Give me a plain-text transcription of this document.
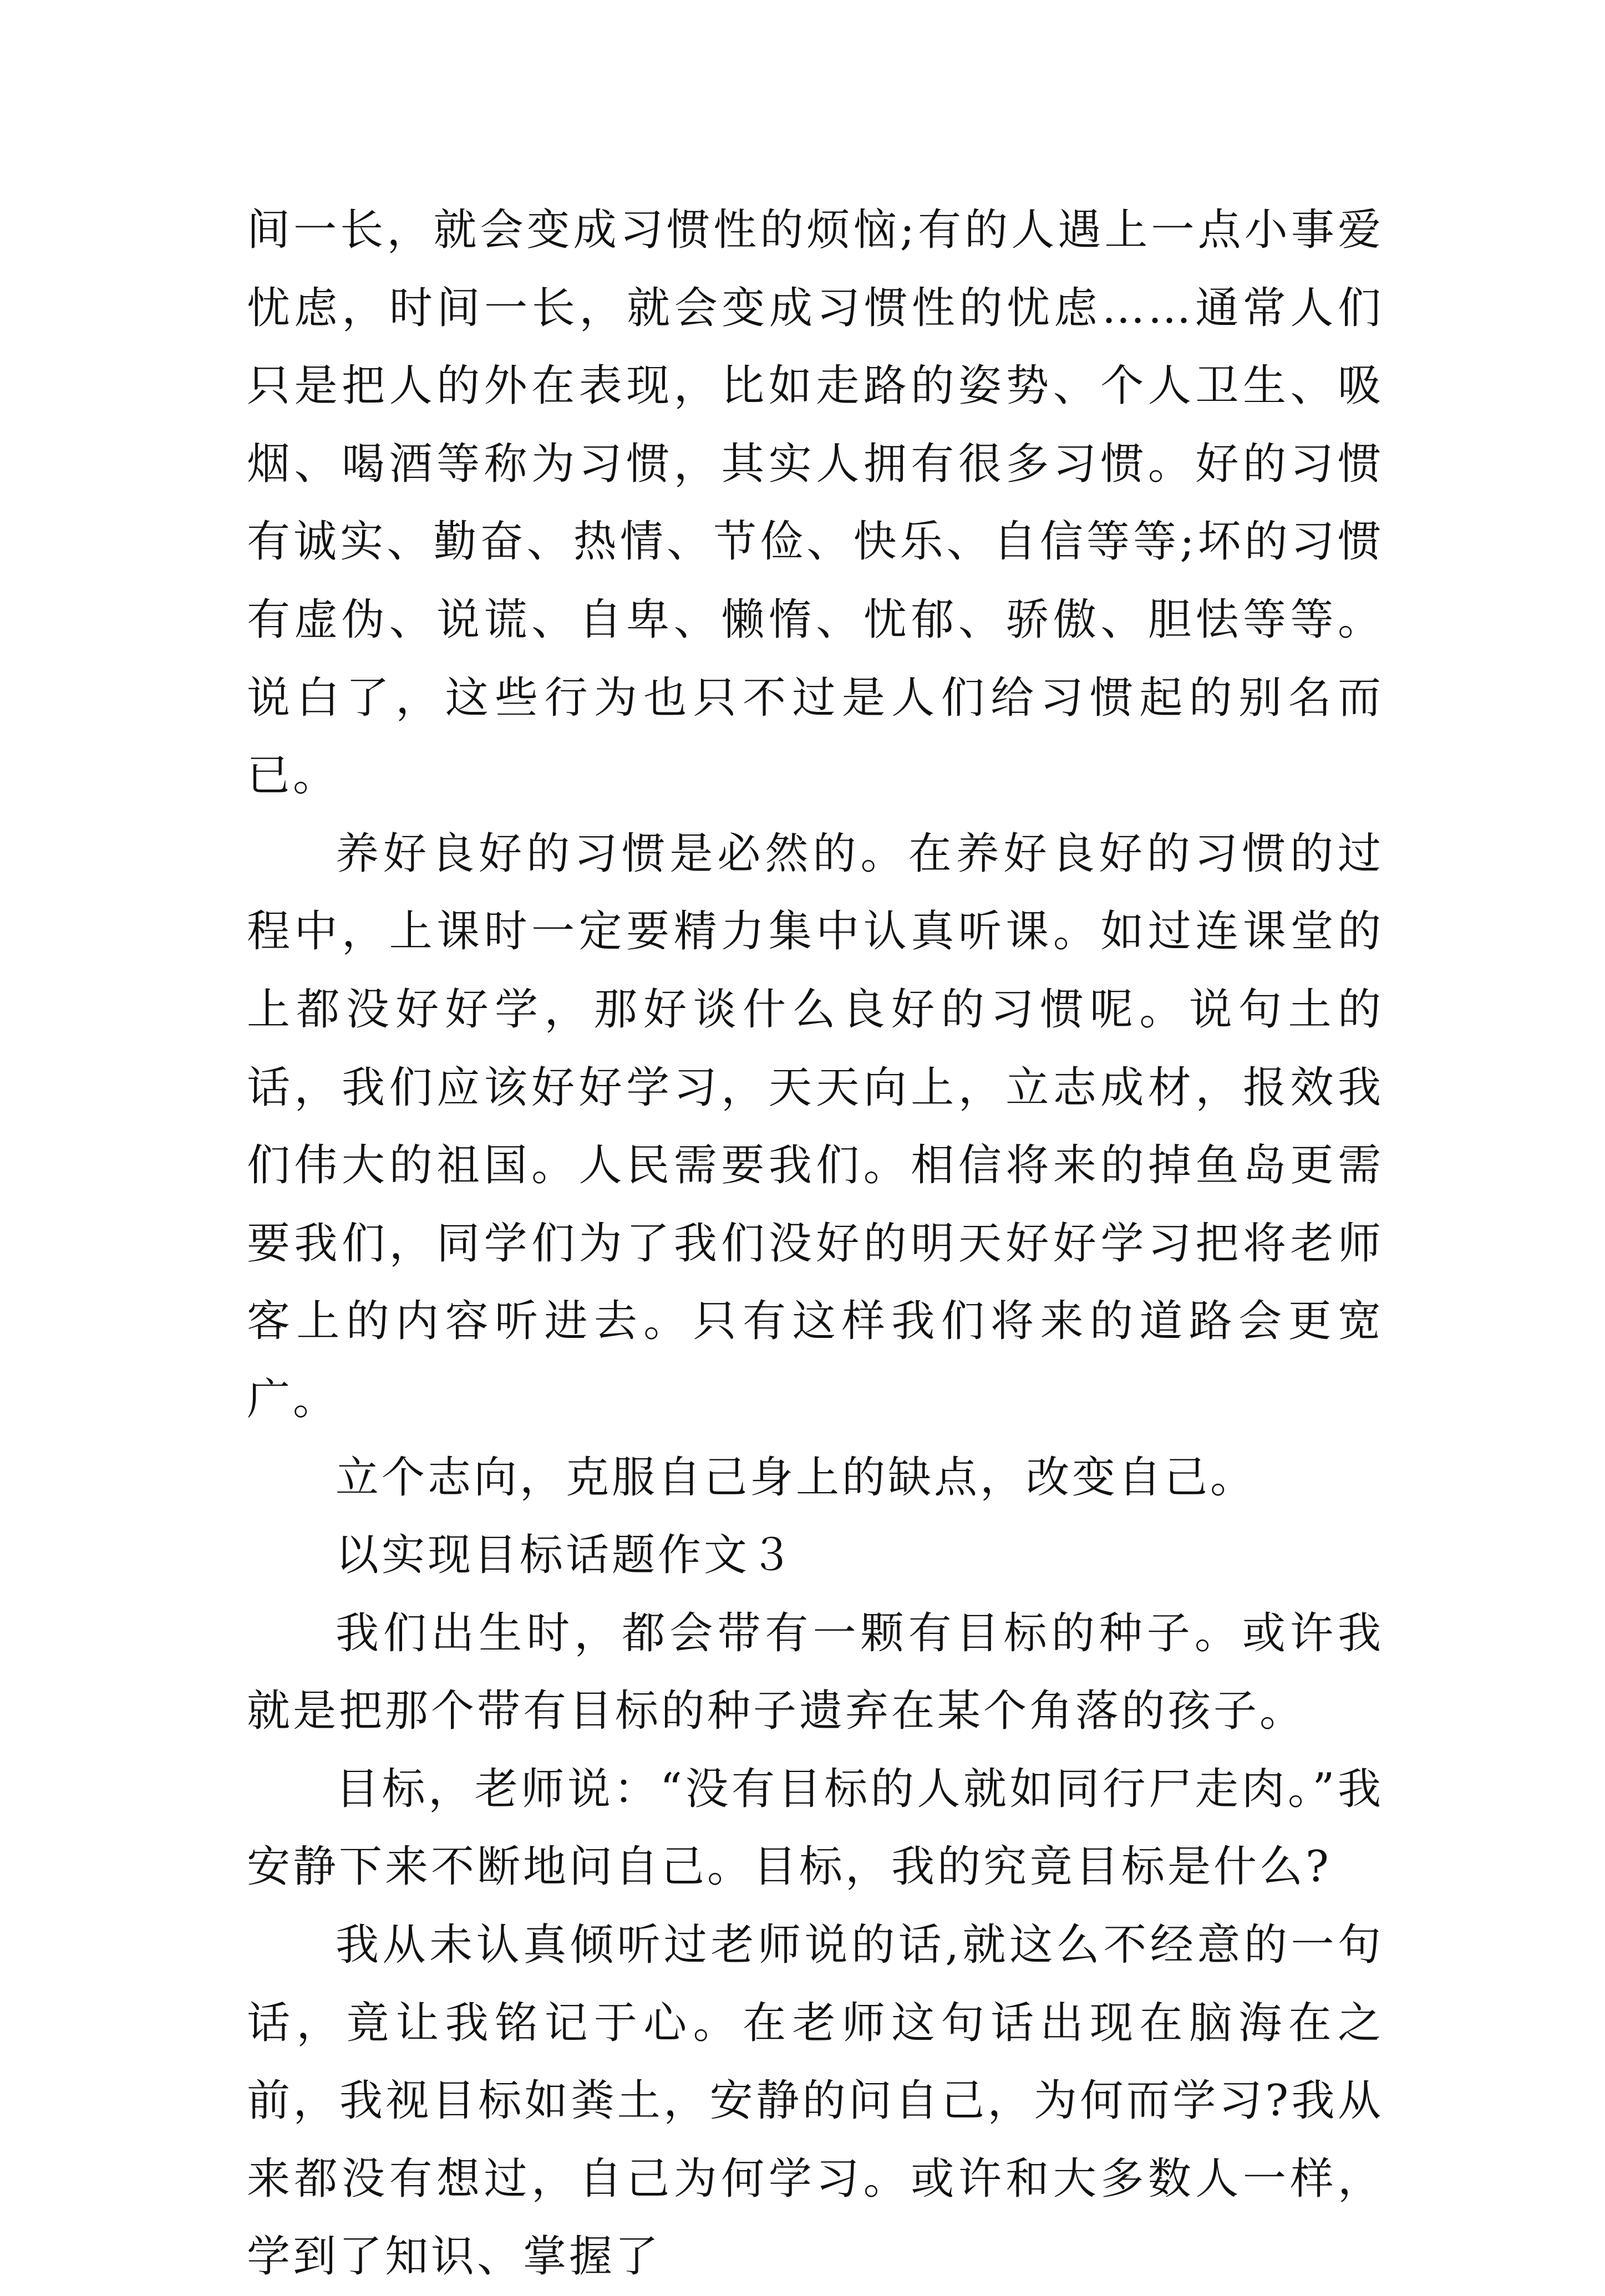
间一长，就会变成习惯性的烦恼;有的人遇上一点小事爱忧虑，时间一长，就会变成习惯性的忧虑……通常人们只是把人的外在表现，比如走路的姿势、个人卫生、吸烟、喝酒等称为习惯，其实人拥有很多习惯。好的习惯有诚实、勤奋、热情、节俭、快乐、自信等等;坏的习惯有虚伪、说谎、自卑、懒惰、忧郁、骄傲、胆怯等等。说白了，这些行为也只不过是人们给习惯起的别名而已。

养好良好的习惯是必然的。在养好良好的习惯的过程中，上课时一定要精力集中认真听课。如过连课堂的上都没好好学，那好谈什么良好的习惯呢。说句土的话，我们应该好好学习，天天向上，立志成材，报效我们伟大的祖国。人民需要我们。相信将来的掉鱼岛更需要我们，同学们为了我们没好的明天好好学习把将老师客上的内容听进去。只有这样我们将来的道路会更宽广。

立个志向，克服自己身上的缺点，改变自己。

以实现目标话题作文３

我们出生时，都会带有一颗有目标的种子。或许我就是把那个带有目标的种子遗弃在某个角落的孩子。

目标，老师说：“没有目标的人就如同行尸走肉。”我安静下来不断地问自己。目标，我的究竟目标是什么?

我从未认真倾听过老师说的话,就这么不经意的一句话，竟让我铭记于心。在老师这句话出现在脑海在之前，我视目标如粪土，安静的问自己，为何而学习?我从来都没有想过，自己为何学习。或许和大多数人一样，学到了知识、掌握了
